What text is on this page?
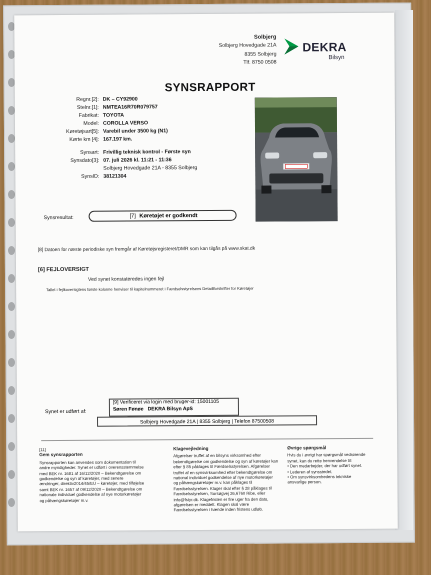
Solbjerg
Solbjerg Hovedgade 21A
8355 Solbjerg
Tlf. 8750 0508
DEKRA
Bilsyn
SYNSRAPPORT
Regnr.[2]: DK – CY92900
Stelnr.[1]: NMTEA16R70R079757
Fabrikat: TOYOTA
Model: COROLLA VERSO
Køretøjsart[5]: Varebil under 3500 kg (N1)
Kørte km [4]: 167.197 km.
Synsart: Frivillig teknisk kontrol - Første syn
Synsdato[3]: 07. juli 2026 kl. 11:21 - 11:36
Solbjerg Hovedgade 21A - 8355 Solbjerg
SynsID: 38121304
Synsresultat:	[7] Køretøjet er godkendt
[8] Datoen for næste periodiske syn fremgår af Køretøjsregisteret/DMR som kan tilgås på www.skat.dk
[6] FEJLOVERSIGT
Ved synet konstateredes ingen fejl
Tallet i fejlkoversigtens første kolonne henviser til kapitelnummeret i Færdselsstyrelsens Detaillforskrifter for Køretøjer
Synet er udført af:
[9] Verificeret via login med bruger-id: 15001105
Søren Fønøe DEKRA Bilsyn ApS
Solbjerg Hovedgade 21A | 8355 Solbjerg | Telefon 87500508
[11]
Gem synsrapporten
Synsrapporten kan anvendes som dokumentation til andre myndigheder. Synet er udført i overensstemmelse med BEK nr. 1681 af 16/12/2020 – Bekendtgørelse om godkendelse og syn af køretøjer, med senere ændringer, direktiv2014/45/EU – køretøjer, med tilføjelse samt BEK nr. 1657 af 09/12/2020 – Bekendtgørelse om nationale individuel godkendelse af nye motorkøretøjer og påhængskøretøjer m.v.
Klagevejledning
Afgørelser truffet af en bilsyns virksomhed efter bekendtgørelse om godkendelse og syn af køretøjer kan efter § 85 påklages til Færdselsstyrelsen. Afgørelser truffet af en synsvirksomhed efter bekendtgørelse om national individuel godkendelse af nye motorkøretøjer og påhængskøretøjer m.v. kan påklages til Færdselsstyrelsen. Klager skal efter § 28 påklages til Færdselsstyrelsen, Sorsøgvej 26,6760 Ribe, eller info@fstyr.dk. Klagefristen er fire uger fra den dato, afgørelsen er meddelt. Klagen skal være Færdselsstyrelsen i hænde inden fristens udløb.
Øvrige spørgsmål
Hvis du i øvrigt har spørgsmål vedrørende synet, kan du rette henvendelse til:
• Den medarbejder, der har udført synet.
• Lederen af synsstedet.
• Om synsvirksomhedens tekniske ansvarlige person.
